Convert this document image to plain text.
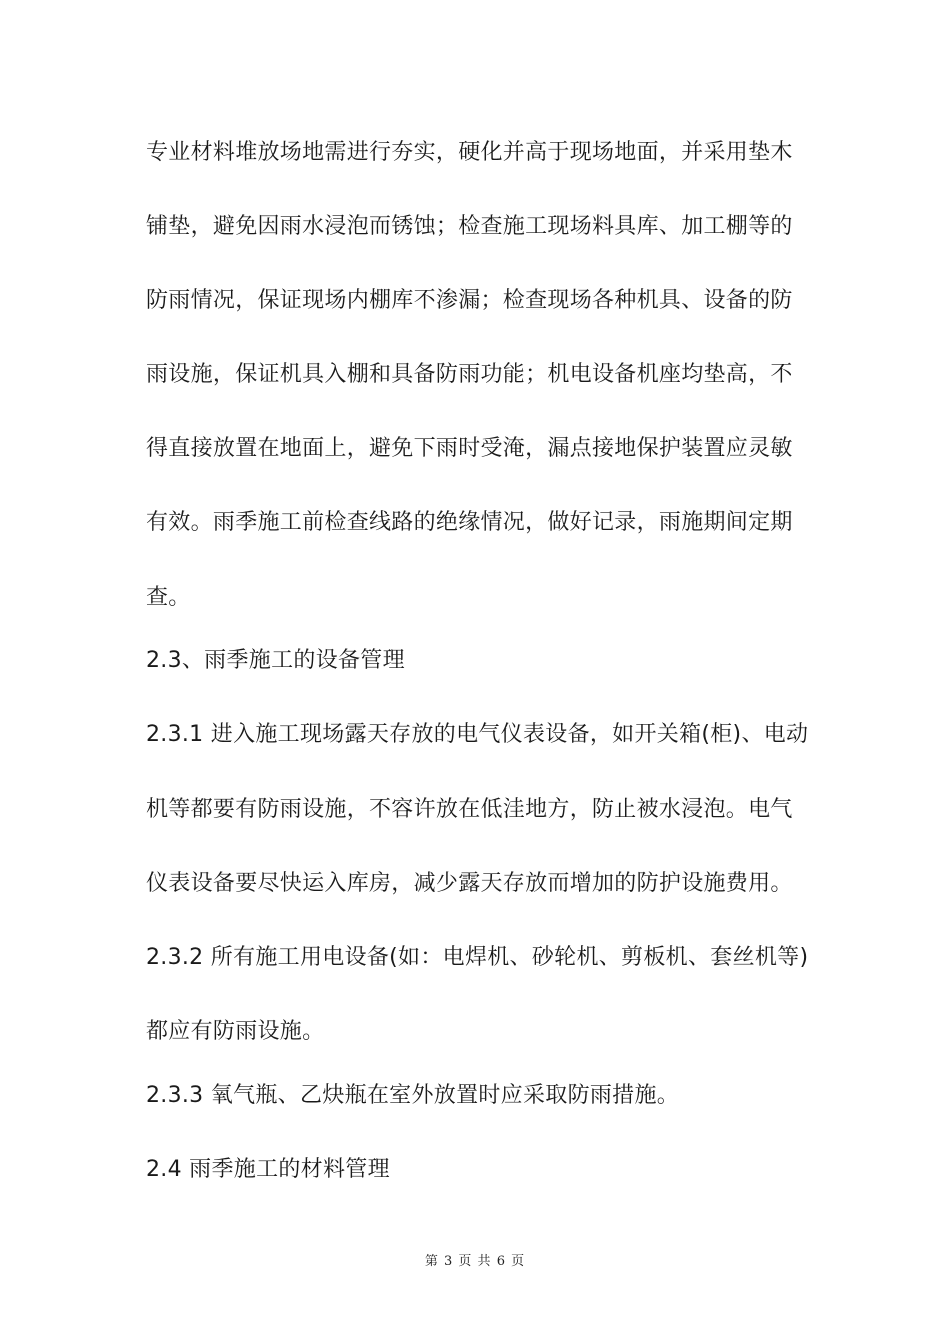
专业材料堆放场地需进行夯实，硬化并高于现场地面，并采用垫木

铺垫，避免因雨水浸泡而锈蚀；检查施工现场料具库、加工棚等的

防雨情况，保证现场内棚库不渗漏；检查现场各种机具、设备的防

雨设施，保证机具入棚和具备防雨功能；机电设备机座均垫高，不

得直接放置在地面上，避免下雨时受淹，漏点接地保护装置应灵敏

有效。雨季施工前检查线路的绝缘情况，做好记录，雨施期间定期

查。

2.3、雨季施工的设备管理

2.3.1 进入施工现场露天存放的电气仪表设备，如开关箱(柜)、电动

机等都要有防雨设施，不容许放在低洼地方，防止被水浸泡。电气

仪表设备要尽快运入库房，减少露天存放而增加的防护设施费用。

2.3.2 所有施工用电设备(如：电焊机、砂轮机、剪板机、套丝机等)

都应有防雨设施。

2.3.3 氧气瓶、乙炔瓶在室外放置时应采取防雨措施。

2.4 雨季施工的材料管理

第 3 页 共 6 页
